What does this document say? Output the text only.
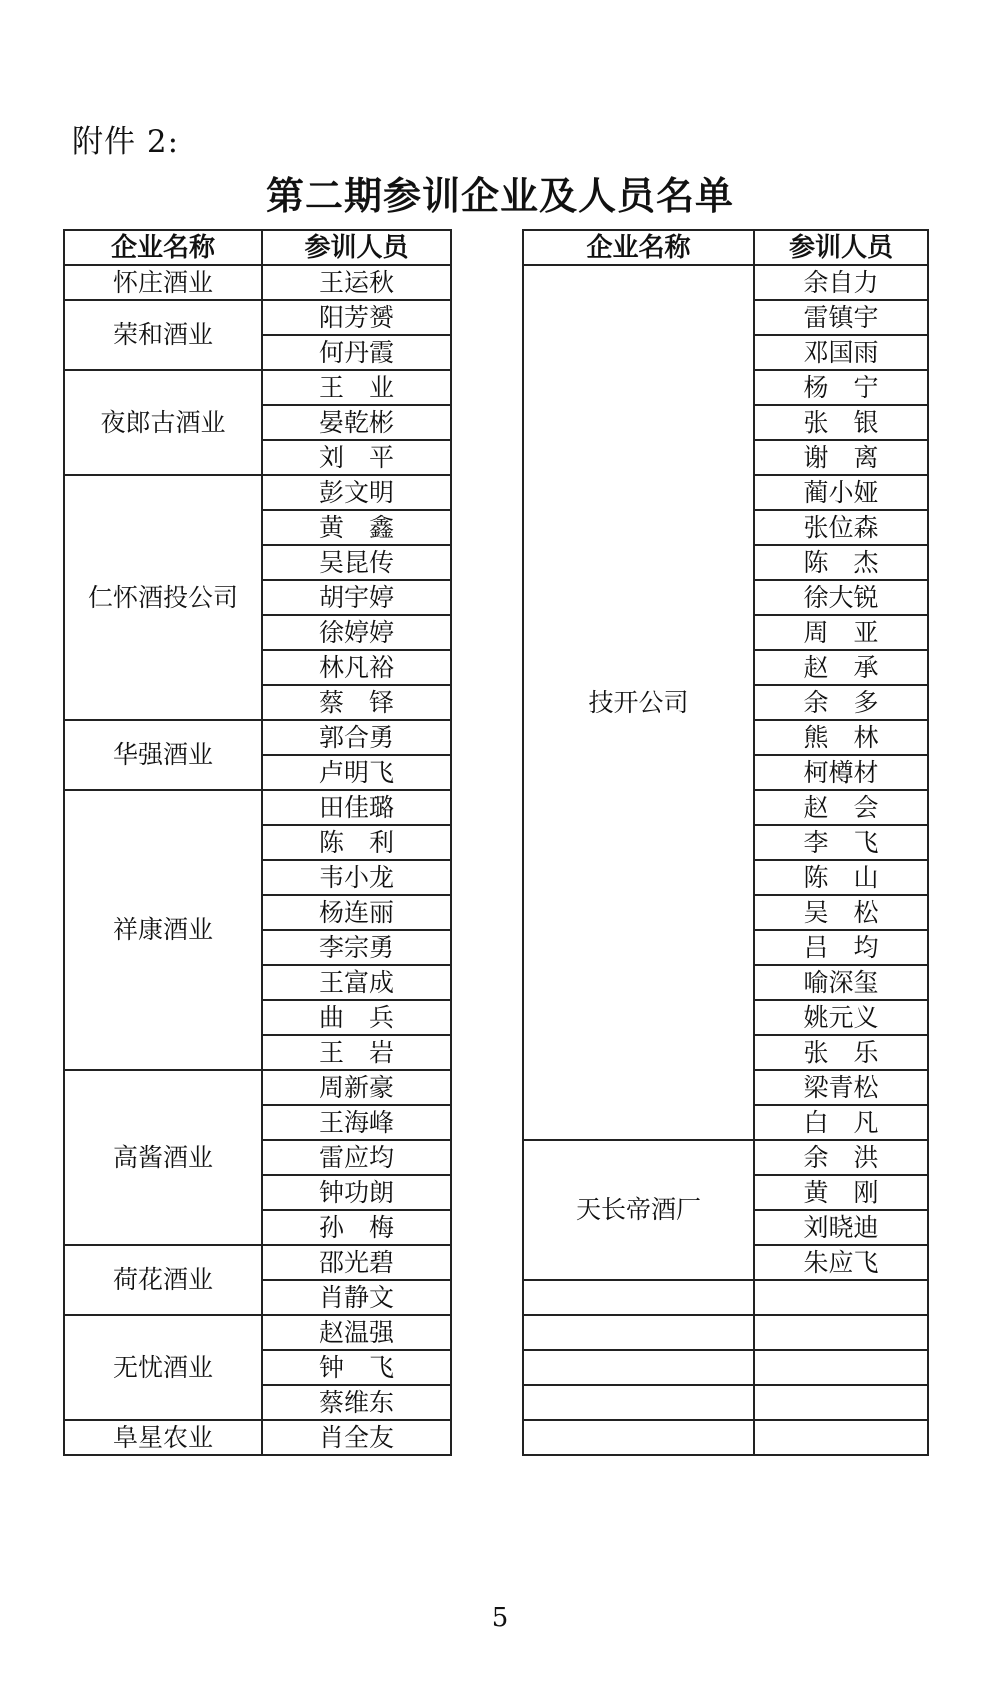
附件 2:
第二期参训企业及人员名单
企业名称	参训人员
怀庄酒业	王运秋
荣和酒业	阳芳赟
	何丹霞
夜郎古酒业	王　业
	晏乾彬
	刘　平
仁怀酒投公司	彭文明
	黄　鑫
	吴昆传
	胡宇婷
	徐婷婷
	林凡裕
	蔡　铎
华强酒业	郭合勇
	卢明飞
祥康酒业	田佳璐
	陈　利
	韦小龙
	杨连丽
	李宗勇
	王富成
	曲　兵
	王　岩
高酱酒业	周新豪
	王海峰
	雷应均
	钟功朗
	孙　梅
荷花酒业	邵光碧
	肖静文
无忧酒业	赵温强
	钟　飞
	蔡维东
阜星农业	肖全友
企业名称	参训人员
技开公司	余自力
	雷镇宇
	邓国雨
	杨　宁
	张　银
	谢　离
	蔺小娅
	张位森
	陈　杰
	徐大锐
	周　亚
	赵　承
	余　多
	熊　林
	柯樽材
	赵　会
	李　飞
	陈　山
	吴　松
	吕　均
	喻深玺
	姚元义
	张　乐
	梁青松
	白　凡
天长帝酒厂	余　洪
	黄　刚
	刘晓迪
	朱应飞

5
